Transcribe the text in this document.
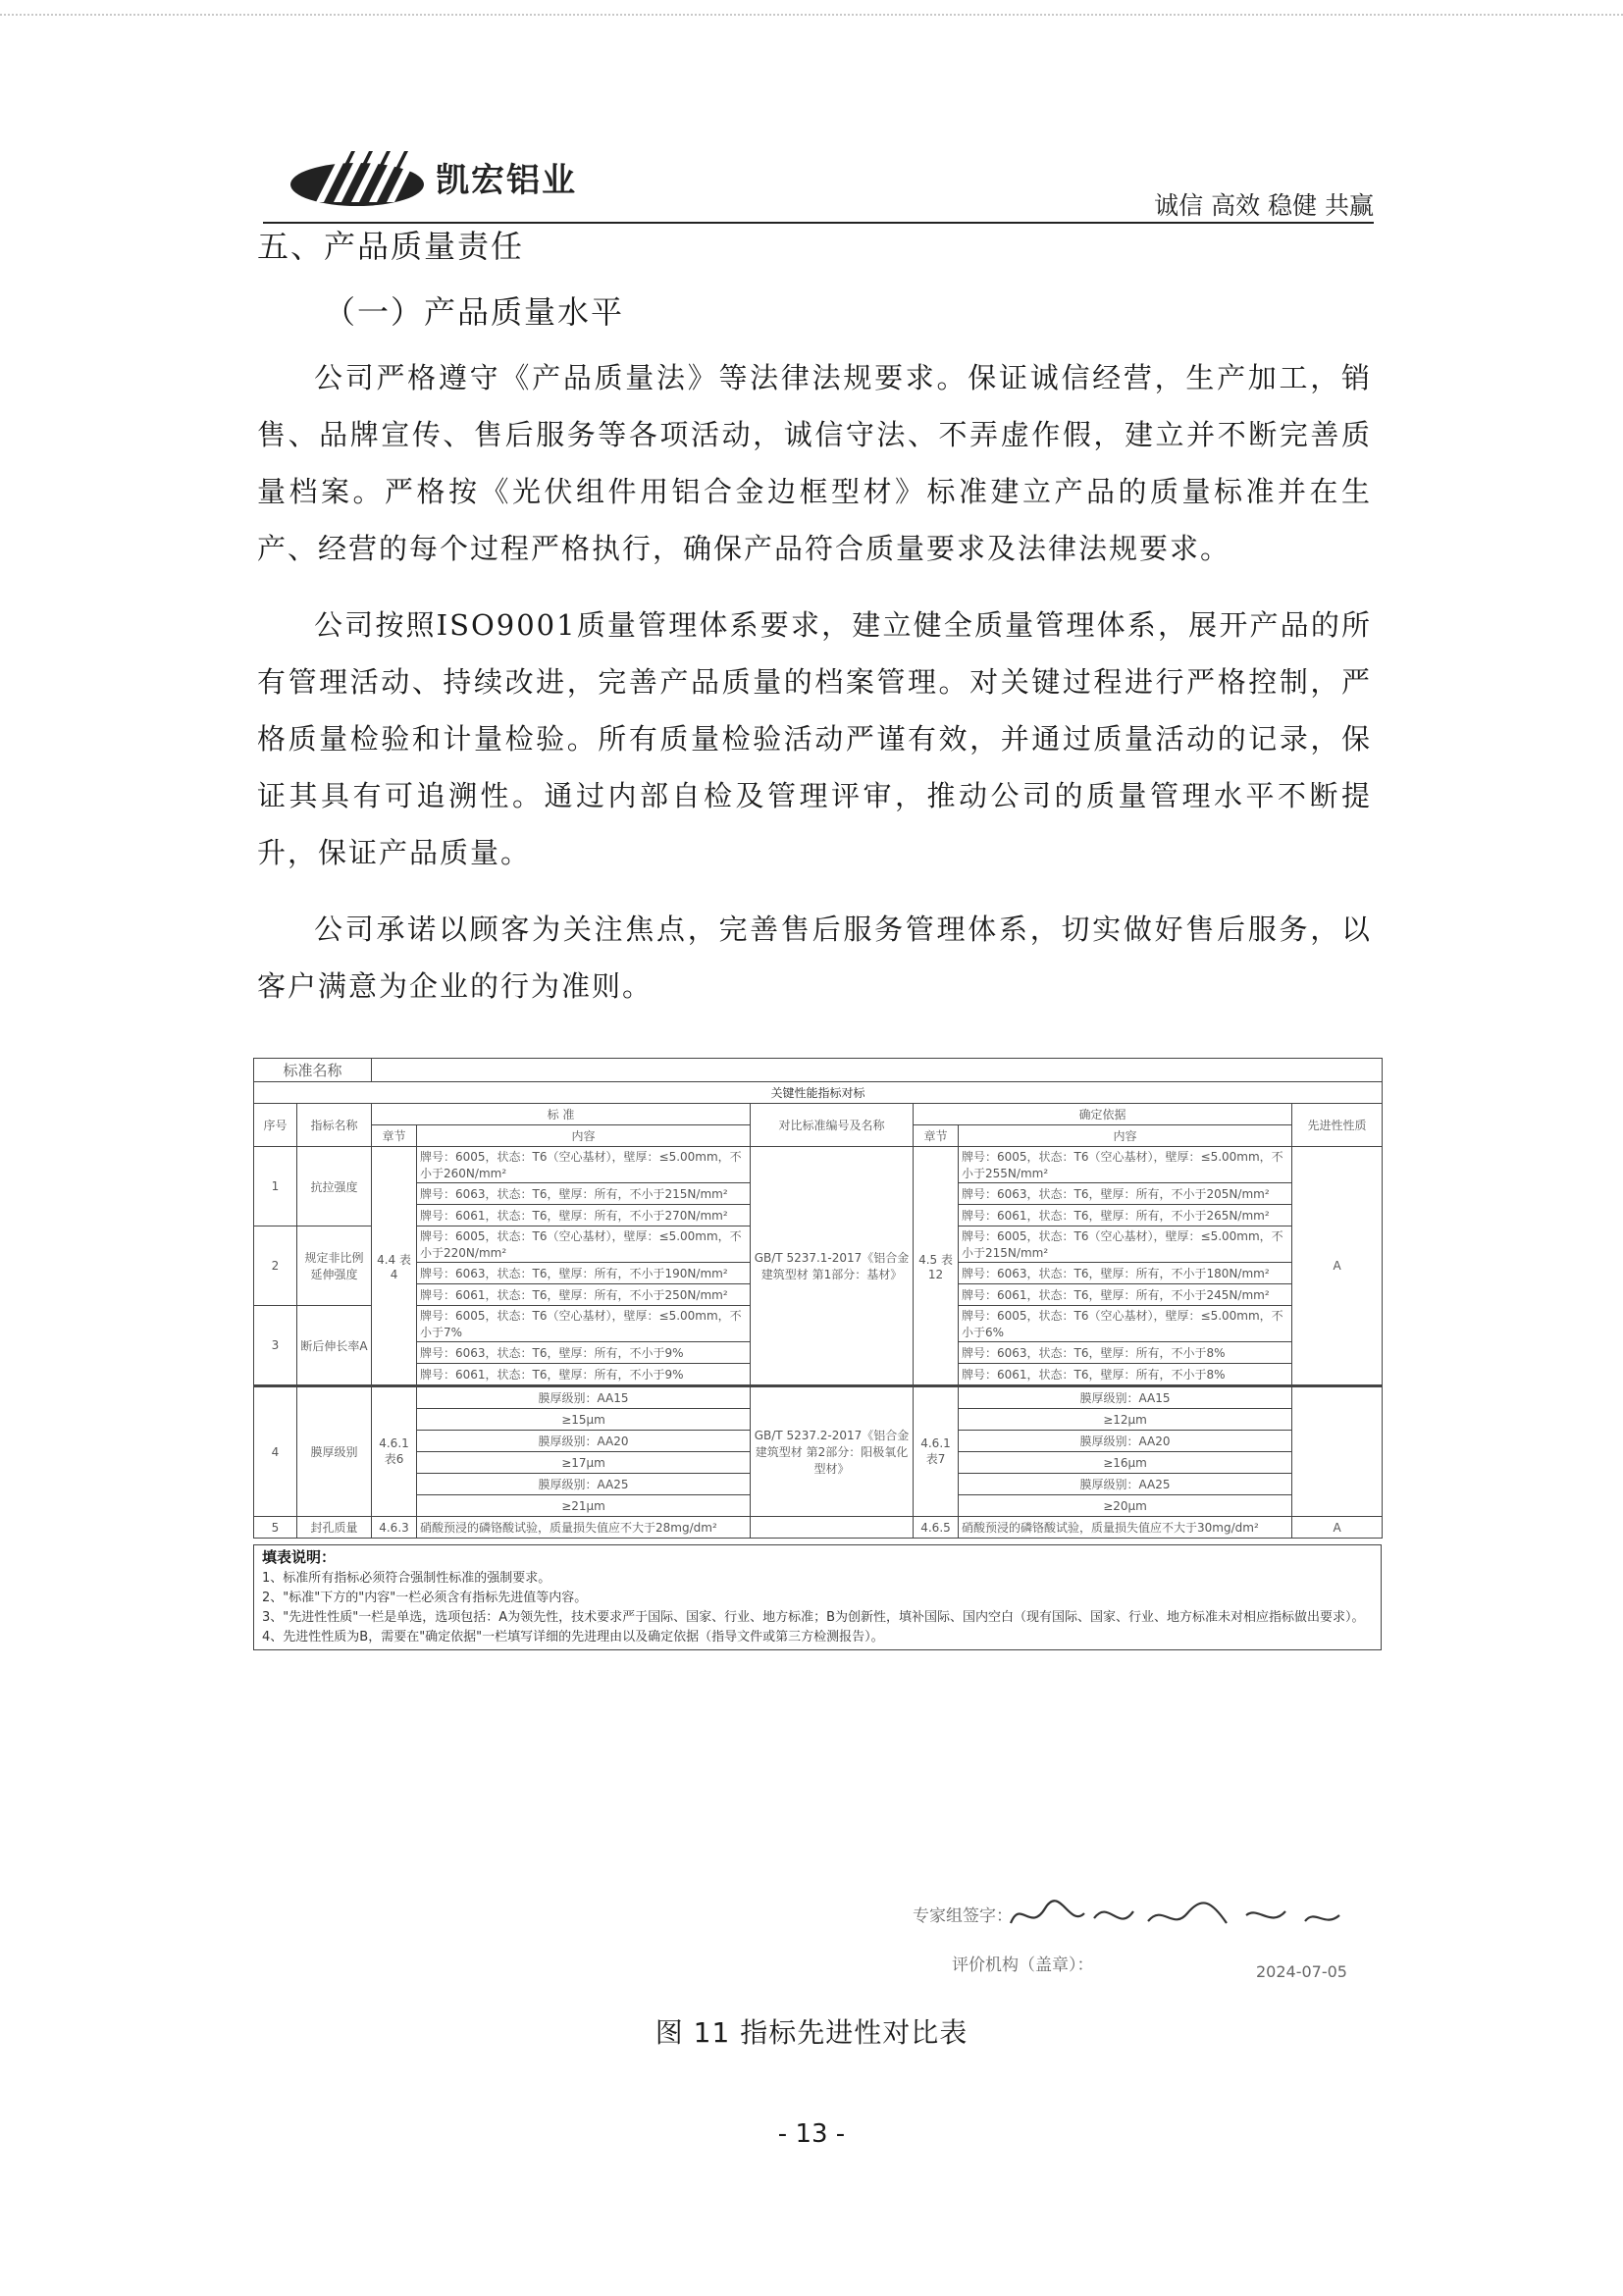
凯宏铝业
诚信 高效 稳健 共赢
五、产品质量责任
（一）产品质量水平

公司严格遵守《产品质量法》等法律法规要求。保证诚信经营，生产加工，销售、品牌宣传、售后服务等各项活动，诚信守法、不弄虚作假，建立并不断完善质量档案。严格按《光伏组件用铝合金边框型材》标准建立产品的质量标准并在生产、经营的每个过程严格执行，确保产品符合质量要求及法律法规要求。

公司按照ISO9001质量管理体系要求，建立健全质量管理体系，展开产品的所有管理活动、持续改进，完善产品质量的档案管理。对关键过程进行严格控制，严格质量检验和计量检验。所有质量检验活动严谨有效，并通过质量活动的记录，保证其具有可追溯性。通过内部自检及管理评审，推动公司的质量管理水平不断提升，保证产品质量。

公司承诺以顾客为关注焦点，完善售后服务管理体系，切实做好售后服务，以客户满意为企业的行为准则。

标准名称							
关键性能指标对标							
序号	指标名称	标 准		对比标准编号及名称	确定依据		先进性性质
		章节	内容		章节	内容	
1	抗拉强度	4.4 表4	牌号：6005，状态：T6（空心基材），壁厚：≤5.00mm，不小于260N/mm²	GB/T 5237.1-2017《铝合金建筑型材 第1部分：基材》	4.5 表12	牌号：6005，状态：T6（空心基材），壁厚：≤5.00mm，不小于255N/mm²	A
			牌号：6063，状态：T6，壁厚：所有，不小于215N/mm²			牌号：6063，状态：T6，壁厚：所有，不小于205N/mm²	
			牌号：6061，状态：T6，壁厚：所有，不小于270N/mm²			牌号：6061，状态：T6，壁厚：所有，不小于265N/mm²	
2	规定非比例延伸强度		牌号：6005，状态：T6（空心基材），壁厚：≤5.00mm，不小于220N/mm²			牌号：6005，状态：T6（空心基材），壁厚：≤5.00mm，不小于215N/mm²	
			牌号：6063，状态：T6，壁厚：所有，不小于190N/mm²			牌号：6063，状态：T6，壁厚：所有，不小于180N/mm²	
			牌号：6061，状态：T6，壁厚：所有，不小于250N/mm²			牌号：6061，状态：T6，壁厚：所有，不小于245N/mm²	
3	断后伸长率A		牌号：6005，状态：T6（空心基材），壁厚：≤5.00mm，不小于7%			牌号：6005，状态：T6（空心基材），壁厚：≤5.00mm，不小于6%	
			牌号：6063，状态：T6，壁厚：所有，不小于9%			牌号：6063，状态：T6，壁厚：所有，不小于8%	
			牌号：6061，状态：T6，壁厚：所有，不小于9%			牌号：6061，状态：T6，壁厚：所有，不小于8%	
4	膜厚级别	4.6.1 表6	膜厚级别：AA15	GB/T 5237.2-2017《铝合金建筑型材 第2部分：阳极氧化型材》	4.6.1 表7	膜厚级别：AA15	
			≥15μm			≥12μm	
			膜厚级别：AA20			膜厚级别：AA20	
			≥17μm			≥16μm	
			膜厚级别：AA25			膜厚级别：AA25	
			≥21μm			≥20μm	
5	封孔质量	4.6.3	硝酸预浸的磷铬酸试验，质量损失值应不大于28mg/dm²		4.6.5	硝酸预浸的磷铬酸试验，质量损失值应不大于30mg/dm²	A
填表说明：
1、标准所有指标必须符合强制性标准的强制要求。
2、"标准"下方的"内容"一栏必须含有指标先进值等内容。
3、"先进性性质"一栏是单选，选项包括：A为领先性，技术要求严于国际、国家、行业、地方标准；B为创新性，填补国际、国内空白（现有国际、国家、行业、地方标准未对相应指标做出要求）。
4、先进性性质为B，需要在"确定依据"一栏填写详细的先进理由以及确定依据（指导文件或第三方检测报告）。
专家组签字：
评价机构（盖章）：	2024-07-05
图 11 指标先进性对比表
- 13 -
